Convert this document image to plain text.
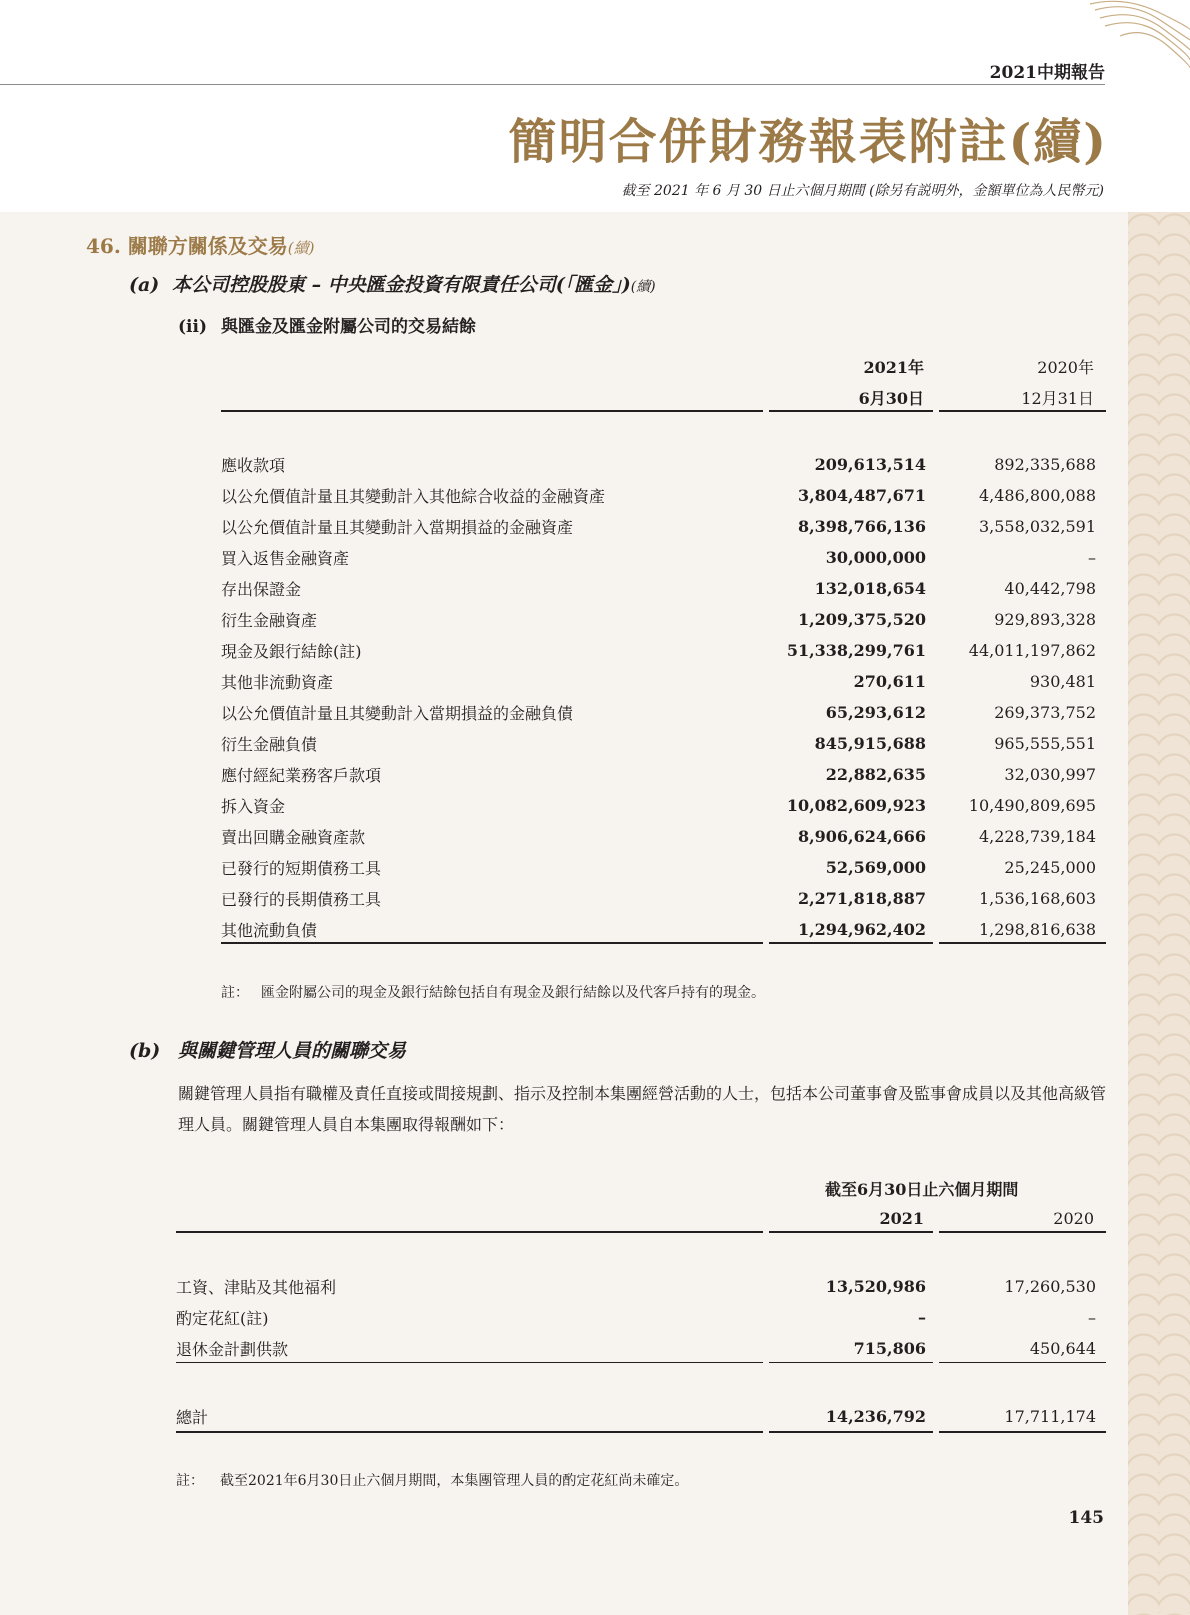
2021中期報告
簡明合併財務報表附註(續)
截至 2021 年 6 月 30 日止六個月期間 (除另有説明外，金額單位為人民幣元)
46. 關聯方關係及交易(續)
(a) 本公司控股股東 – 中央匯金投資有限責任公司(「匯金」)(續)
(ii) 與匯金及匯金附屬公司的交易結餘
2021年
6月30日
2020年
12月31日
應收款項	209,613,514	892,335,688
以公允價值計量且其變動計入其他綜合收益的金融資產	3,804,487,671	4,486,800,088
以公允價值計量且其變動計入當期損益的金融資產	8,398,766,136	3,558,032,591
買入返售金融資產	30,000,000	–
存出保證金	132,018,654	40,442,798
衍生金融資產	1,209,375,520	929,893,328
現金及銀行結餘(註)	51,338,299,761	44,011,197,862
其他非流動資產	270,611	930,481
以公允價值計量且其變動計入當期損益的金融負債	65,293,612	269,373,752
衍生金融負債	845,915,688	965,555,551
應付經紀業務客戶款項	22,882,635	32,030,997
拆入資金	10,082,609,923	10,490,809,695
賣出回購金融資產款	8,906,624,666	4,228,739,184
已發行的短期債務工具	52,569,000	25,245,000
已發行的長期債務工具	2,271,818,887	1,536,168,603
其他流動負債	1,294,962,402	1,298,816,638
註： 匯金附屬公司的現金及銀行結餘包括自有現金及銀行結餘以及代客戶持有的現金。
(b) 與關鍵管理人員的關聯交易
關鍵管理人員指有職權及責任直接或間接規劃、指示及控制本集團經營活動的人士，包括本公司董事會及監事會成員以及其他高級管理人員。關鍵管理人員自本集團取得報酬如下：
截至6月30日止六個月期間
2021	2020
工資、津貼及其他福利	13,520,986	17,260,530
酌定花紅(註)	–	–
退休金計劃供款	715,806	450,644
總計	14,236,792	17,711,174
註： 截至2021年6月30日止六個月期間，本集團管理人員的酌定花紅尚未確定。
145
